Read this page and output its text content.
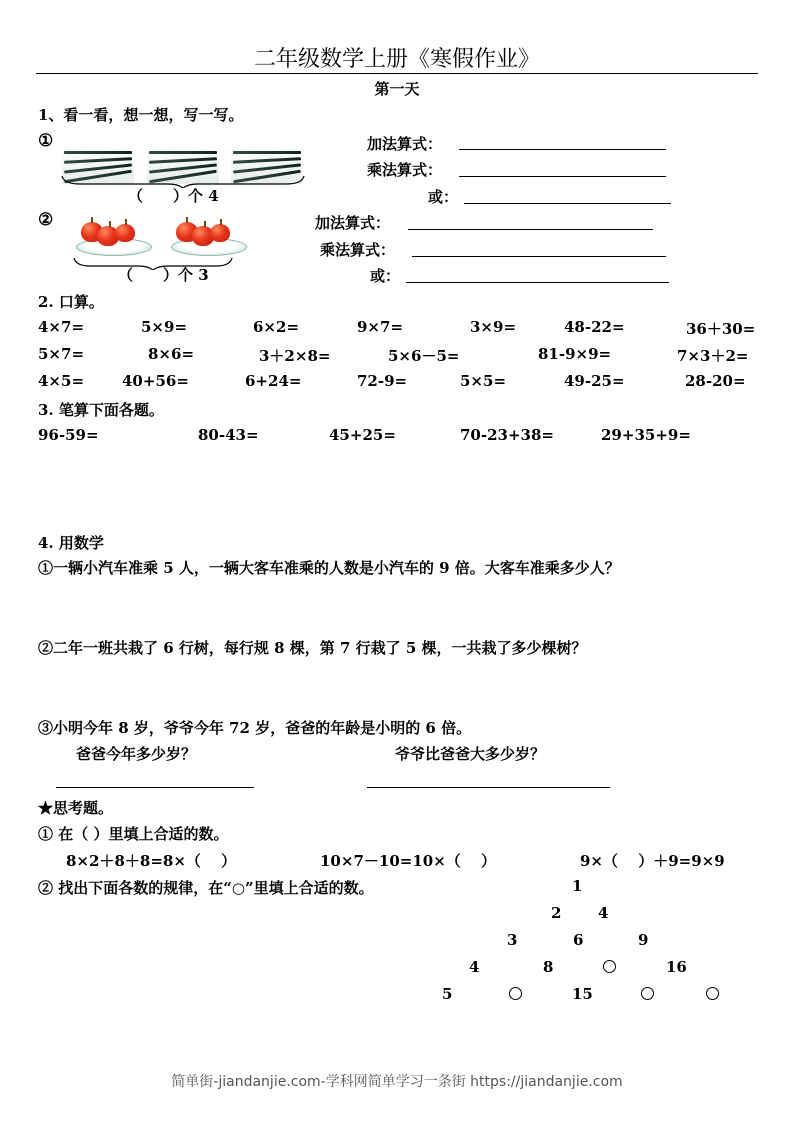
二年级数学上册《寒假作业》
第一天
1、看一看，想一想，写一写。
①
（　　）个 4
加法算式：
乘法算式：
或：
②
（　　）个 3
加法算式：
乘法算式：
或：
2. 口算。
4×7=	5×9=	6×2=	9×7=	3×9=	48-22=	36＋30=
5×7=	8×6=	3＋2×8=	5×6－5=	81-9×9=	7×3＋2=
4×5=	40+56=	6+24=	72-9=	5×5=	49-25=	28-20=
3. 笔算下面各题。
96-59=	80-43=	45+25=	70-23+38=	29+35+9=
4. 用数学
①一辆小汽车准乘 5 人，一辆大客车准乘的人数是小汽车的 9 倍。大客车准乘多少人？
②二年一班共栽了 6 行树，每行规 8 棵，第 7 行栽了 5 棵，一共栽了多少棵树？
③小明今年 8 岁，爷爷今年 72 岁，爸爸的年龄是小明的 6 倍。
爸爸今年多少岁？	爷爷比爸爸大多少岁？
★思考题。
① 在（ ）里填上合适的数。
8×2＋8＋8=8×（　 ）	10×7－10=10×（　 ）	9×（　 ）＋9=9×9
② 找出下面各数的规律，在“○”里填上合适的数。	1
2 4
3	6	9
4	8	16
5	15
简单街-jiandanjie.com-学科网简单学习一条街 https://jiandanjie.com
